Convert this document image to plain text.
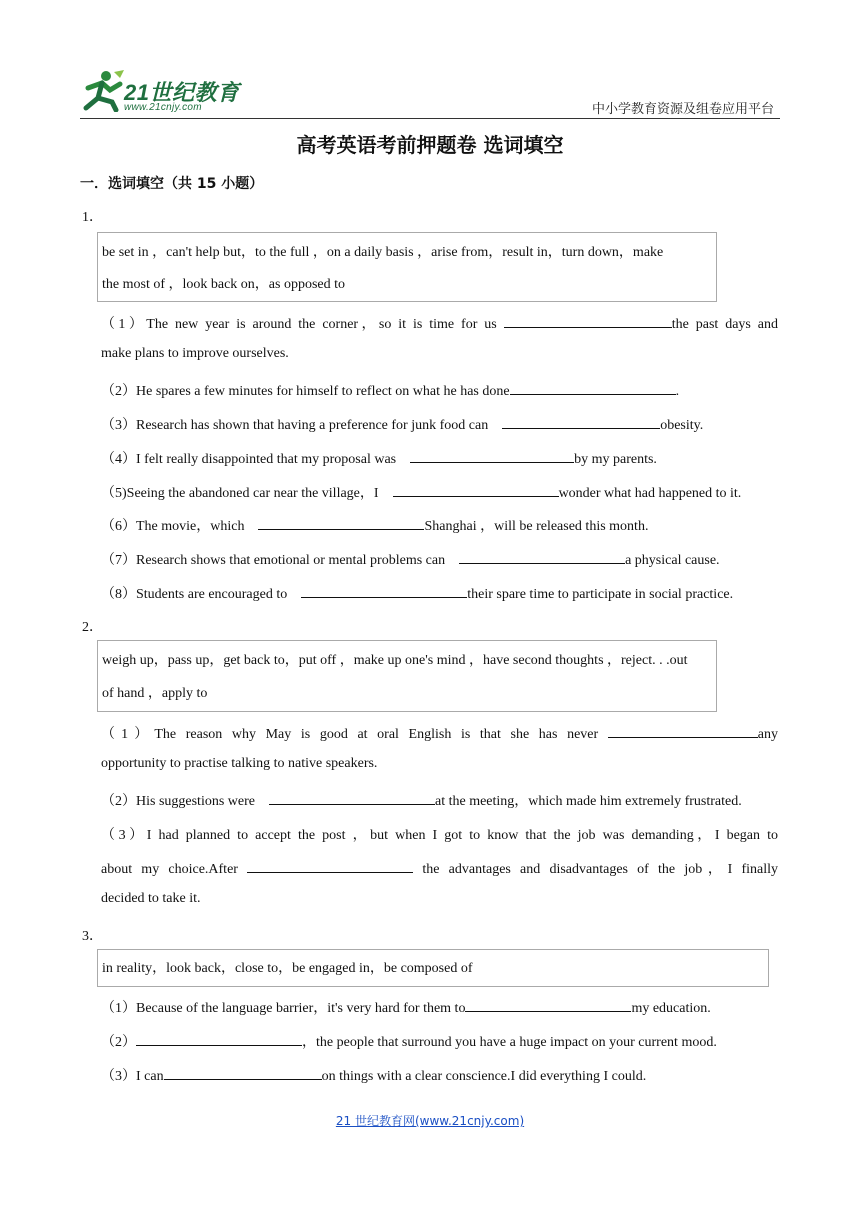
21世纪教育
www.21cnjy.com	中小学教育资源及组卷应用平台
高考英语考前押题卷 选词填空
一．选词填空（共 15 小题）
1．
be set in ，can't help but，to the full ，on a daily basis ，arise from，result in，turn down，make
the most of ，look back on，as opposed to
（1）The new year is around the corner，so it is time for us	the past days and
make plans to improve ourselves.
（2）He spares a few minutes for himself to reflect on what he has done	.
（3）Research has shown that having a preference for junk food can	obesity.
（4）I felt really disappointed that my proposal was	by my parents.
（5)Seeing the abandoned car near the village，I	wonder what had happened to it.
（6）The movie，which	Shanghai ，will be released this month.
（7）Research shows that emotional or mental problems can	a physical cause.
（8）Students are encouraged to	their spare time to participate in social practice.
2．
weigh up，pass up，get back to，put off ，make up one's mind ，have second thoughts ，reject. . .out
of hand ，apply to
（1）The reason why May is good at oral English is that she has never	any
opportunity to practise talking to native speakers.
（2）His suggestions were	at the meeting，which made him extremely frustrated.
（3）I had planned to accept the post ，but when I got to know that the job was demanding，I began to
about my choice.After	the advantages and disadvantages of the job，I finally
decided to take it.
3．
in reality，look back，close to，be engaged in，be composed of
（1）Because of the language barrier，it's very hard for them to	my education.
（2）	，the people that surround you have a huge impact on your current mood.
（3）I can	on things with a clear conscience.I did everything I could.
21 世纪教育网(www.21cnjy.com)
